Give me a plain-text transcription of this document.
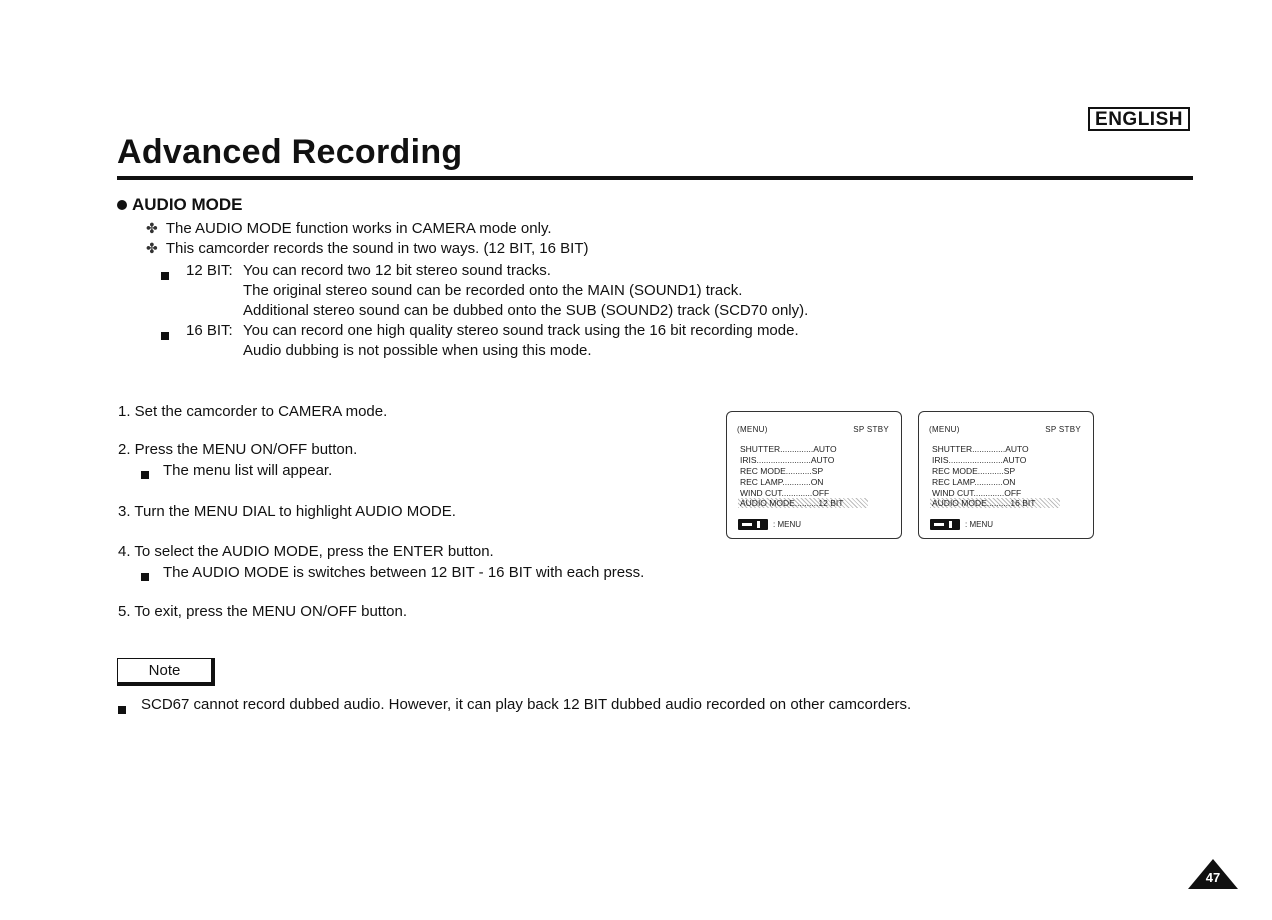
ENGLISH
Advanced Recording
AUDIO MODE
✤ The AUDIO MODE function works in CAMERA mode only.
✤ This camcorder records the sound in two ways. (12 BIT, 16 BIT)
12 BIT: You can record two 12 bit stereo sound tracks.
The original stereo sound can be recorded onto the MAIN (SOUND1) track.
Additional stereo sound can be dubbed onto the SUB (SOUND2) track (SCD70 only).
16 BIT: You can record one high quality stereo sound track using the 16 bit recording mode.
Audio dubbing is not possible when using this mode.
1. Set the camcorder to CAMERA mode.
2. Press the MENU ON/OFF button.
The menu list will appear.
3. Turn the MENU DIAL to highlight AUDIO MODE.
4. To select the AUDIO MODE, press the ENTER button.
The AUDIO MODE is switches between 12 BIT - 16 BIT with each press.
5. To exit, press the MENU ON/OFF button.
(MENU)	SP STBY
SHUTTER..............AUTO
IRIS.......................AUTO
REC MODE...........SP
REC LAMP............ON
WIND CUT.............OFF
AUDIO MODE..........12 BIT
: MENU
(MENU)	SP STBY
SHUTTER..............AUTO
IRIS.......................AUTO
REC MODE...........SP
REC LAMP............ON
WIND CUT.............OFF
AUDIO MODE..........16 BIT
: MENU
Note
SCD67 cannot record dubbed audio. However, it can play back 12 BIT dubbed audio recorded on other camcorders.
47
